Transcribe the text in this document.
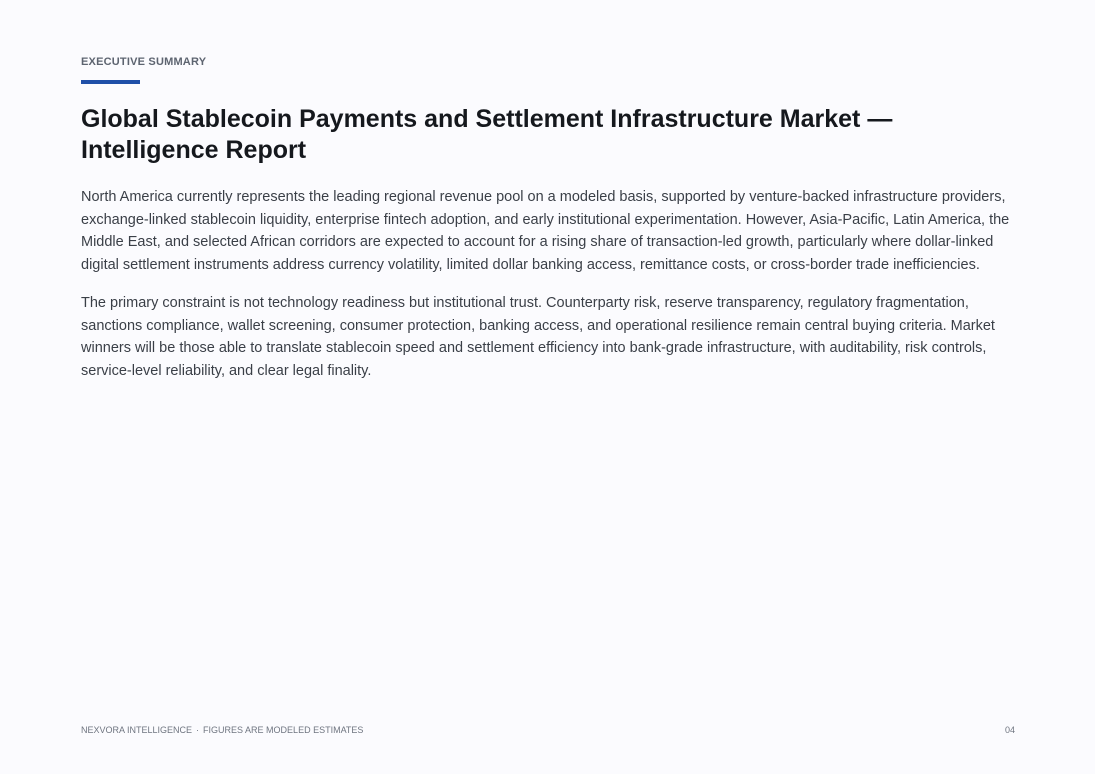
EXECUTIVE SUMMARY
Global Stablecoin Payments and Settlement Infrastructure Market — Intelligence Report

North America currently represents the leading regional revenue pool on a modeled basis, supported by venture-backed infrastructure providers, exchange-linked stablecoin liquidity, enterprise fintech adoption, and early institutional experimentation. However, Asia-Pacific, Latin America, the Middle East, and selected African corridors are expected to account for a rising share of transaction-led growth, particularly where dollar-linked digital settlement instruments address currency volatility, limited dollar banking access, remittance costs, or cross-border trade inefficiencies.

The primary constraint is not technology readiness but institutional trust. Counterparty risk, reserve transparency, regulatory fragmentation, sanctions compliance, wallet screening, consumer protection, banking access, and operational resilience remain central buying criteria. Market winners will be those able to translate stablecoin speed and settlement efficiency into bank-grade infrastructure, with auditability, risk controls, service-level reliability, and clear legal finality.

NEXVORA INTELLIGENCE · FIGURES ARE MODELED ESTIMATES	04
